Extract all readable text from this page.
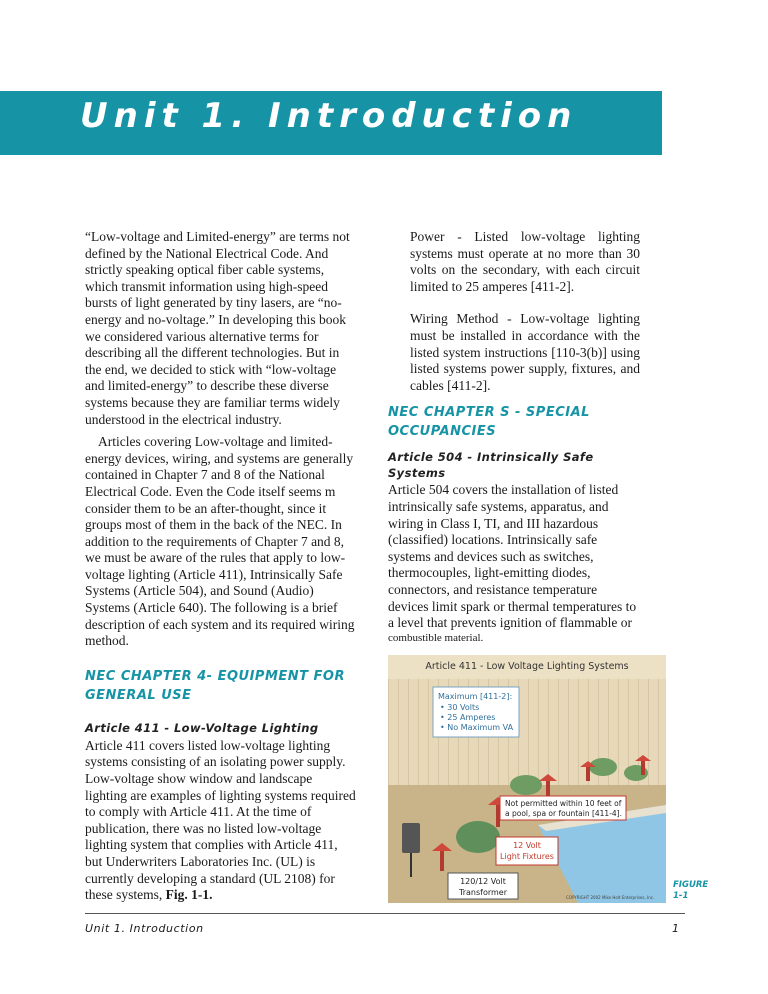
Unit 1. Introduction

“Low-voltage and Limited-energy” are terms not defined by the National Electrical Code. And strictly speaking optical fiber cable systems, which transmit information using high-speed bursts of light generated by tiny lasers, are “no-energy and no-voltage.” In developing this book we considered various alternative terms for describing all the different technologies. But in the end, we decided to stick with “low-voltage and limited-energy” to describe these diverse systems because they are familiar terms widely understood in the electrical industry.

Articles covering Low-voltage and limited-energy devices, wiring, and systems are generally contained in Chapter 7 and 8 of the National Electrical Code. Even the Code itself seems m consider them to be an after-thought, since it groups most of them in the back of the NEC. In addition to the requirements of Chapter 7 and 8, we must be aware of the rules that apply to low-voltage lighting (Article 411), Intrinsically Safe Systems (Article 504), and Sound (Audio) Systems (Article 640). The following is a brief description of each system and its required wiring method.

NEC CHAPTER 4- EQUIPMENT FOR GENERAL USE
Article 411 - Low-Voltage Lighting

Article 411 covers listed low-voltage lighting systems consisting of an isolating power supply. Low-voltage show window and landscape lighting are examples of lighting systems required to comply with Article 411. At the time of publication, there was no listed low-voltage lighting system that complies with Article 411, but Underwriters Laboratories Inc. (UL) is currently developing a standard (UL 2108) for these systems, Fig. 1-1.

Power - Listed low-voltage lighting systems must operate at no more than 30 volts on the secondary, with each circuit limited to 25 amperes [411-2].

Wiring Method - Low-voltage lighting must be installed in accordance with the listed system instructions [110-3(b)] using listed systems power supply, fixtures, and cables [411-2].

NEC CHAPTER S - SPECIAL OCCUPANCIES
Article 504 - Intrinsically Safe Systems

Article 504 covers the installation of listed intrinsically safe systems, apparatus, and wiring in Class I, TI, and III hazardous (classified) locations. Intrinsically safe systems and devices such as switches, thermocouples, light-emitting diodes, connectors, and resistance temperature devices limit spark or thermal temperatures to a level that prevents ignition of flammable or

combustible material.
Maximum [411-2]:
• 30 Volts
• 25 Amperes
• No Maximum VA
Not permitted within 10 feet of
a pool, spa or fountain [411-4].
12 Volt
Light Fixtures
120/12 Volt
Transformer
COPYRIGHT 2002 Mike Holt Enterprises, Inc.
Article 411 - Low Voltage Lighting Systems
FIGURE
1-1
Unit 1. Introduction	1
